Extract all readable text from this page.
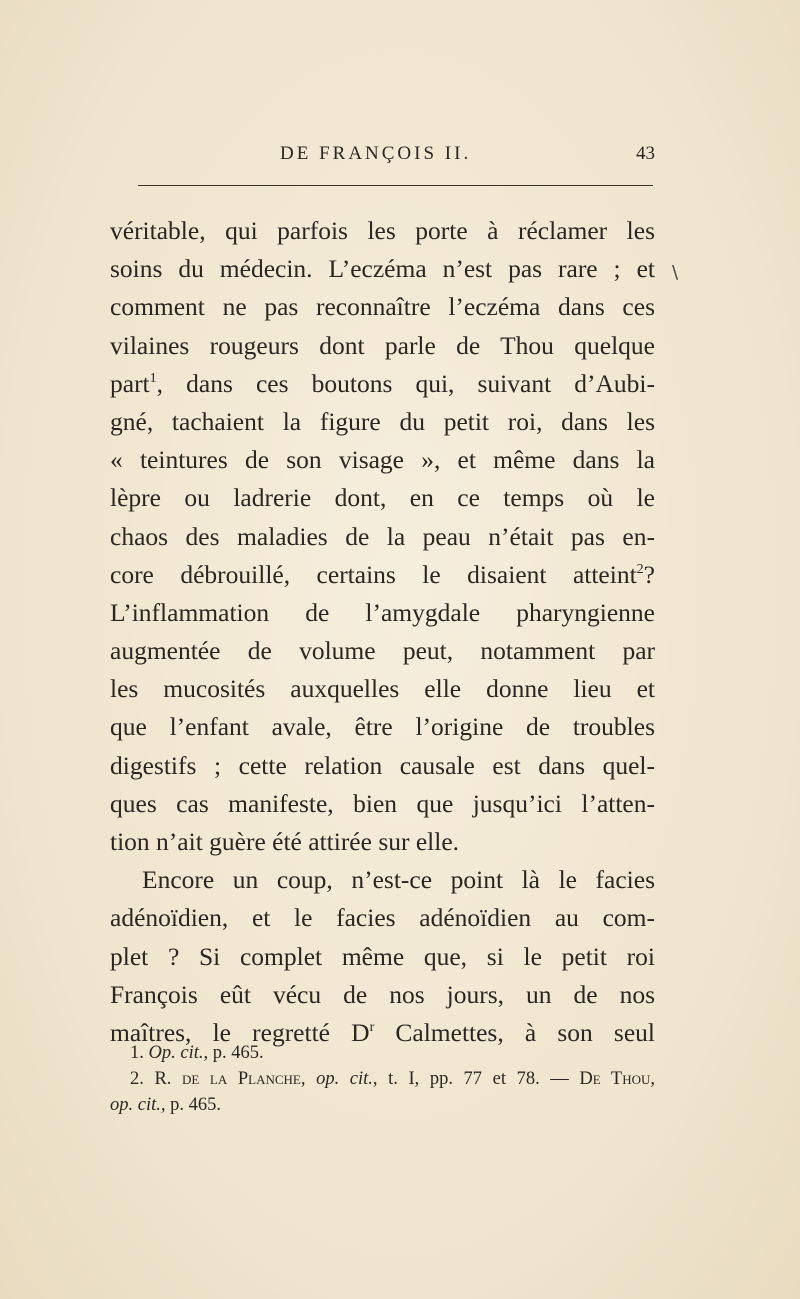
DE FRANÇOIS II.	43
\
véritable, qui parfois les porte à réclamer les
soins du médecin. L’eczéma n’est pas rare ; et
comment ne pas reconnaître l’eczéma dans ces
vilaines rougeurs dont parle de Thou quelque
part$^1$, dans ces boutons qui, suivant d’Aubi-
gné, tachaient la figure du petit roi, dans les
« teintures de son visage », et même dans la
lèpre ou ladrerie dont, en ce temps où le
chaos des maladies de la peau n’était pas en-
core débrouillé, certains le disaient atteint$^2$?
L’inflammation de l’amygdale pharyngienne
augmentée de volume peut, notamment par
les mucosités auxquelles elle donne lieu et
que l’enfant avale, être l’origine de troubles
digestifs ; cette relation causale est dans quel-
ques cas manifeste, bien que jusqu’ici l’atten-
tion n’ait guère été attirée sur elle.
Encore un coup, n’est-ce point là le facies
adénoïdien, et le facies adénoïdien au com-
plet ? Si complet même que, si le petit roi
François eût vécu de nos jours, un de nos
maîtres, le regretté $D^r$ Calmettes, à son seul
1. Op. cit., p. 465.
2. R. de la Planche, op. cit., t. I, pp. 77 et 78. — De Thou,
op. cit., p. 465.
